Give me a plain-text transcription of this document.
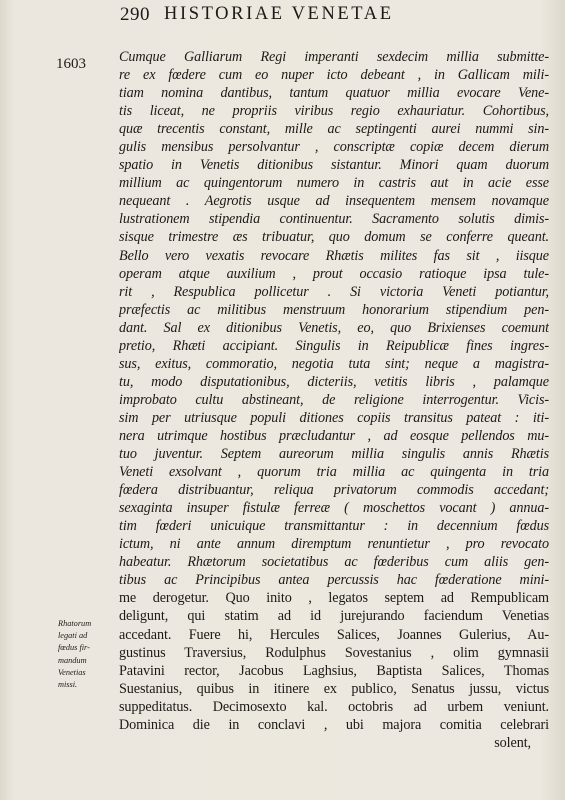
290 HISTORIAE VENETAE
1603 Cumque Galliarum Regi imperanti sexdecim millia submitte-
re ex fœdere cum eo nuper icto debeant , in Gallicam mili-
tiam nomina dantibus, tantum quatuor millia evocare Vene-
tis liceat, ne propriis viribus regio exhauriatur. Cohortibus,
quæ trecentis constant, mille ac septingenti aurei nummi sin-
gulis mensibus persolvantur , conscriptæ copiæ decem dierum
spatio in Venetis ditionibus sistantur. Minori quam duorum
millium ac quingentorum numero in castris aut in acie esse
nequeant . Aegrotis usque ad insequentem mensem novamque
lustrationem stipendia continuentur. Sacramento solutis dimis-
sisque trimestre æs tribuatur, quo domum se conferre queant.
Bello vero vexatis revocare Rhætis milites fas sit , iisque
operam atque auxilium , prout occasio ratioque ipsa tule-
rit , Respublica pollicetur . Si victoria Veneti potiantur,
præfectis ac militibus menstruum honorarium stipendium pen-
dant. Sal ex ditionibus Venetis, eo, quo Brixienses coemunt
pretio, Rhæti accipiant. Singulis in Reipublicæ fines ingres-
sus, exitus, commoratio, negotia tuta sint; neque a magistra-
tu, modo disputationibus, dicteriis, vetitis libris , palamque
improbato cultu abstineant, de religione interrogentur. Vicis-
sim per utriusque populi ditiones copiis transitus pateat : iti-
nera utrimque hostibus præcludantur , ad eosque pellendos mu-
tuo juventur. Septem aureorum millia singulis annis Rhætis
Veneti exsolvant , quorum tria millia ac quingenta in tria
fœdera distribuantur, reliqua privatorum commodis accedant;
sexaginta insuper fistulæ ferreæ ( moschettos vocant ) annua-
tim fœderi unicuique transmittantur : in decennium fœdus
ictum, ni ante annum diremptum renuntietur , pro revocato
habeatur. Rhætorum societatibus ac fœderibus cum aliis gen-
tibus ac Principibus antea percussis hac fœderatione mini-
me derogetur. Quo inito , legatos septem ad Rempublicam
deligunt, qui statim ad id jurejurando faciendum Venetias
accedant. Fuere hi, Hercules Salices, Joannes Gulerius, Au-
gustinus Traversius, Rodulphus Sovestanius , olim gymnasii
Patavini rector, Jacobus Laghsius, Baptista Salices, Thomas
Suestanius, quibus in itinere ex publico, Senatus jussu, victus
suppeditatus. Decimosexto kal. octobris ad urbem veniunt.
Dominica die in conclavi , ubi majora comitia celebrari
solent,
Rhatorum
legati ad
fœdus fir-
mandum
Venetias
missi.
